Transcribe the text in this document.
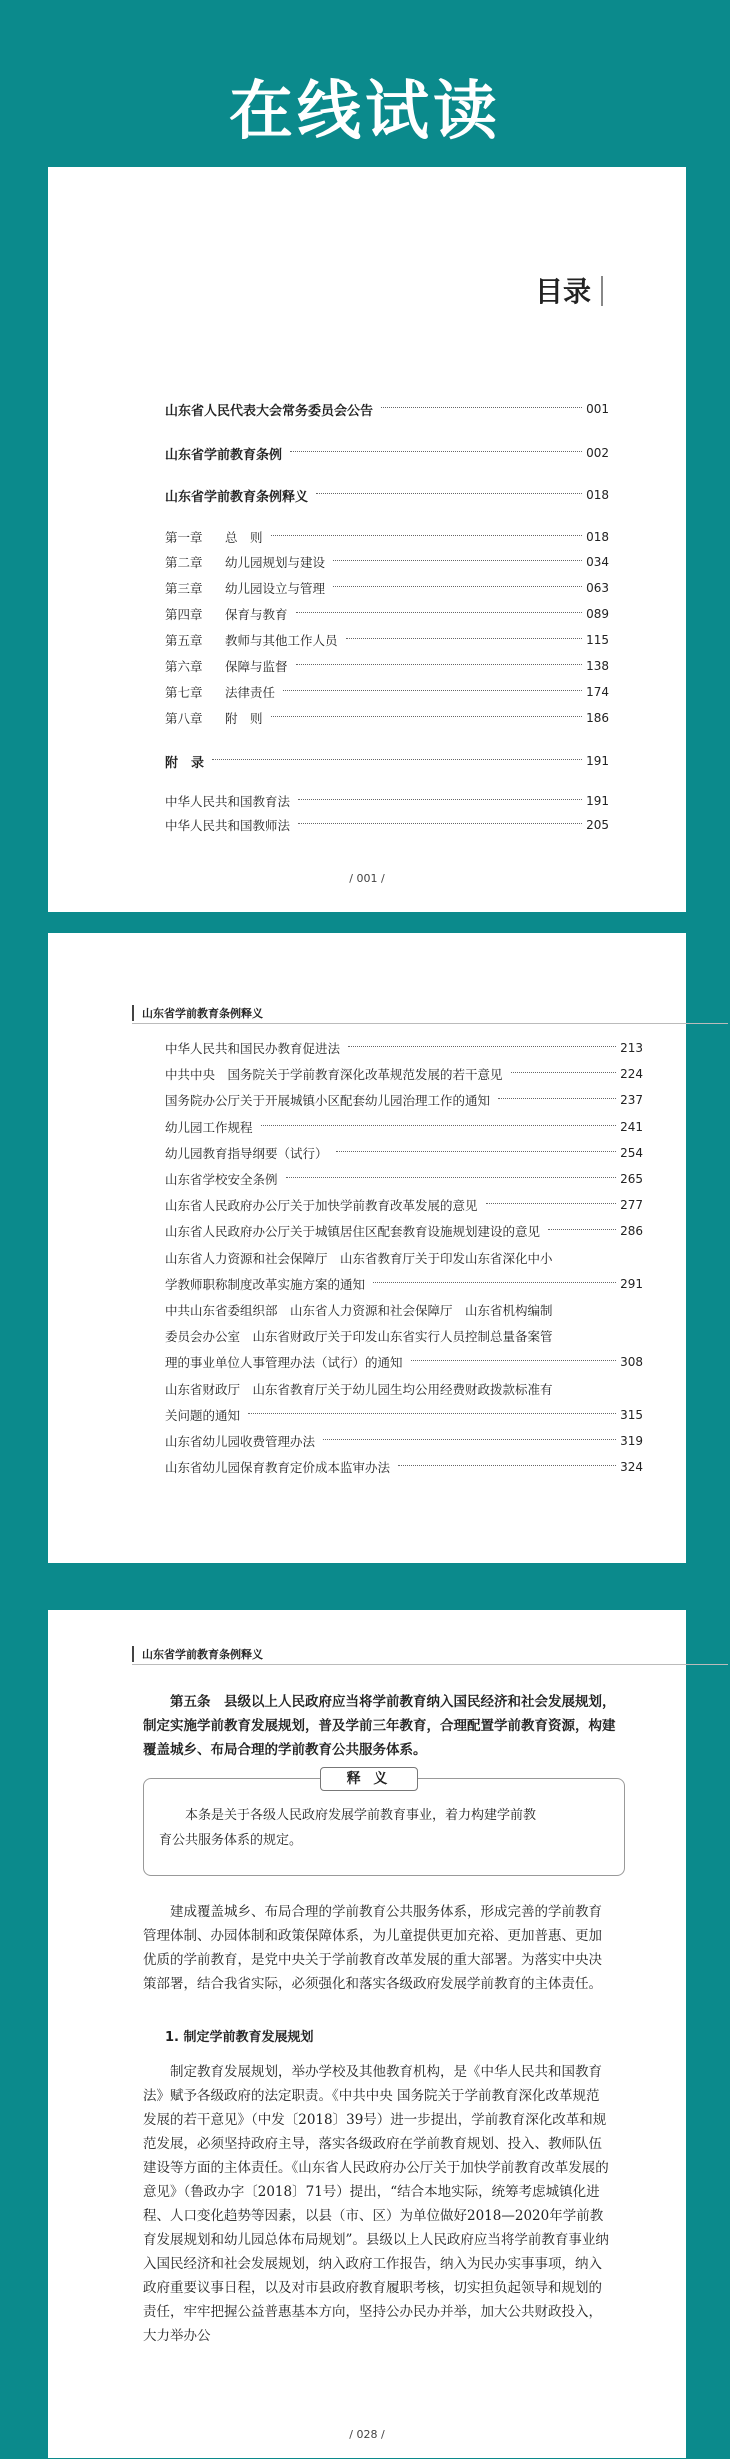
在线试读
目录
山东省人民代表大会常务委员会公告	001
山东省学前教育条例	002
山东省学前教育条例释义	018
第一章 总　则	018
第二章 幼儿园规划与建设	034
第三章 幼儿园设立与管理	063
第四章 保育与教育	089
第五章 教师与其他工作人员	115
第六章 保障与监督	138
第七章 法律责任	174
第八章 附　则	186
附　录	191
中华人民共和国教育法	191
中华人民共和国教师法	205
/ 001 /
山东省学前教育条例释义
中华人民共和国民办教育促进法	213
中共中央　国务院关于学前教育深化改革规范发展的若干意见	224
国务院办公厅关于开展城镇小区配套幼儿园治理工作的通知	237
幼儿园工作规程	241
幼儿园教育指导纲要（试行）	254
山东省学校安全条例	265
山东省人民政府办公厅关于加快学前教育改革发展的意见	277
山东省人民政府办公厅关于城镇居住区配套教育设施规划建设的意见	286
山东省人力资源和社会保障厅　山东省教育厅关于印发山东省深化中小
学教师职称制度改革实施方案的通知	291
中共山东省委组织部　山东省人力资源和社会保障厅　山东省机构编制
委员会办公室　山东省财政厅关于印发山东省实行人员控制总量备案管
理的事业单位人事管理办法（试行）的通知	308
山东省财政厅　山东省教育厅关于幼儿园生均公用经费财政拨款标准有
关问题的通知	315
山东省幼儿园收费管理办法	319
山东省幼儿园保育教育定价成本监审办法	324
山东省学前教育条例释义

第五条　县级以上人民政府应当将学前教育纳入国民经济和社会发展规划，制定实施学前教育发展规划，普及学前三年教育，合理配置学前教育资源，构建覆盖城乡、布局合理的学前教育公共服务体系。

释 义
本条是关于各级人民政府发展学前教育事业，着力构建学前教
育公共服务体系的规定。

建成覆盖城乡、布局合理的学前教育公共服务体系，形成完善的学前教育管理体制、办园体制和政策保障体系，为儿童提供更加充裕、更加普惠、更加优质的学前教育，是党中央关于学前教育改革发展的重大部署。为落实中央决策部署，结合我省实际，必须强化和落实各级政府发展学前教育的主体责任。

1. 制定学前教育发展规划

制定教育发展规划，举办学校及其他教育机构，是《中华人民共和国教育法》赋予各级政府的法定职责。《中共中央 国务院关于学前教育深化改革规范发展的若干意见》（中发〔2018〕39号）进一步提出，学前教育深化改革和规范发展，必须坚持政府主导，落实各级政府在学前教育规划、投入、教师队伍建设等方面的主体责任。《山东省人民政府办公厅关于加快学前教育改革发展的意见》（鲁政办字〔2018〕71号）提出，“结合本地实际，统筹考虑城镇化进程、人口变化趋势等因素，以县（市、区）为单位做好2018—2020年学前教育发展规划和幼儿园总体布局规划”。县级以上人民政府应当将学前教育事业纳入国民经济和社会发展规划，纳入政府工作报告，纳入为民办实事事项，纳入政府重要议事日程，以及对市县政府教育履职考核，切实担负起领导和规划的责任，牢牢把握公益普惠基本方向，坚持公办民办并举，加大公共财政投入，大力举办公

/ 028 /
